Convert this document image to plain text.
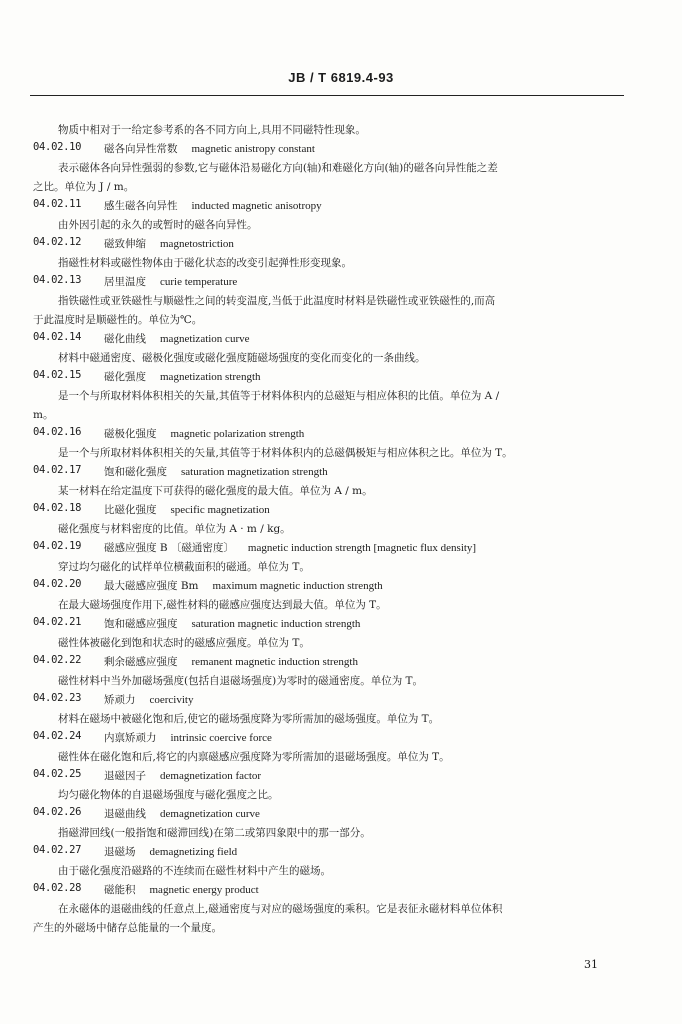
JB / T 6819.4-93
物质中相对于一给定参考系的各不同方向上,具用不同磁特性现象。
04.02.10 磁各向异性常数 magnetic anistropy constant
表示磁体各向异性强弱的参数,它与磁体沿易磁化方向(轴)和难磁化方向(轴)的磁各向异性能之差
之比。单位为 J / m。
04.02.11 感生磁各向异性 inducted magnetic anisotropy
由外因引起的永久的或暂时的磁各向异性。
04.02.12 磁致伸缩 magnetostriction
指磁性材料或磁性物体由于磁化状态的改变引起弹性形变现象。
04.02.13 居里温度 curie temperature
指铁磁性或亚铁磁性与顺磁性之间的转变温度,当低于此温度时材料是铁磁性或亚铁磁性的,而高
于此温度时是顺磁性的。单位为℃。
04.02.14 磁化曲线 magnetization curve
材料中磁通密度、磁极化强度或磁化强度随磁场强度的变化而变化的一条曲线。
04.02.15 磁化强度 magnetization strength
是一个与所取材料体积相关的矢量,其值等于材料体积内的总磁矩与相应体积的比值。单位为 A /
m。
04.02.16 磁极化强度 magnetic polarization strength
是一个与所取材料体积相关的矢量,其值等于材料体积内的总磁偶极矩与相应体积之比。单位为 T。
04.02.17 饱和磁化强度 saturation magnetization strength
某一材料在给定温度下可获得的磁化强度的最大值。单位为 A / m。
04.02.18 比磁化强度 specific magnetization
磁化强度与材料密度的比值。单位为 A · m / kg。
04.02.19 磁感应强度 B 〔磁通密度〕 magnetic induction strength [magnetic flux density]
穿过均匀磁化的试样单位横截面积的磁通。单位为 T。
04.02.20 最大磁感应强度 Bm maximum magnetic induction strength
在最大磁场强度作用下,磁性材料的磁感应强度达到最大值。单位为 T。
04.02.21 饱和磁感应强度 saturation magnetic induction strength
磁性体被磁化到饱和状态时的磁感应强度。单位为 T。
04.02.22 剩余磁感应强度 remanent magnetic induction strength
磁性材料中当外加磁场强度(包括自退磁场强度)为零时的磁通密度。单位为 T。
04.02.23 矫顽力 coercivity
材料在磁场中被磁化饱和后,使它的磁场强度降为零所需加的磁场强度。单位为 T。
04.02.24 内禀矫顽力 intrinsic coercive force
磁性体在磁化饱和后,将它的内禀磁感应强度降为零所需加的退磁场强度。单位为 T。
04.02.25 退磁因子 demagnetization factor
均匀磁化物体的自退磁场强度与磁化强度之比。
04.02.26 退磁曲线 demagnetization curve
指磁滞回线(一般指饱和磁滞回线)在第二或第四象限中的那一部分。
04.02.27 退磁场 demagnetizing field
由于磁化强度沿磁路的不连续而在磁性材料中产生的磁场。
04.02.28 磁能积 magnetic energy product
在永磁体的退磁曲线的任意点上,磁通密度与对应的磁场强度的乘积。它是表征永磁材料单位体积
产生的外磁场中储存总能量的一个量度。
31
